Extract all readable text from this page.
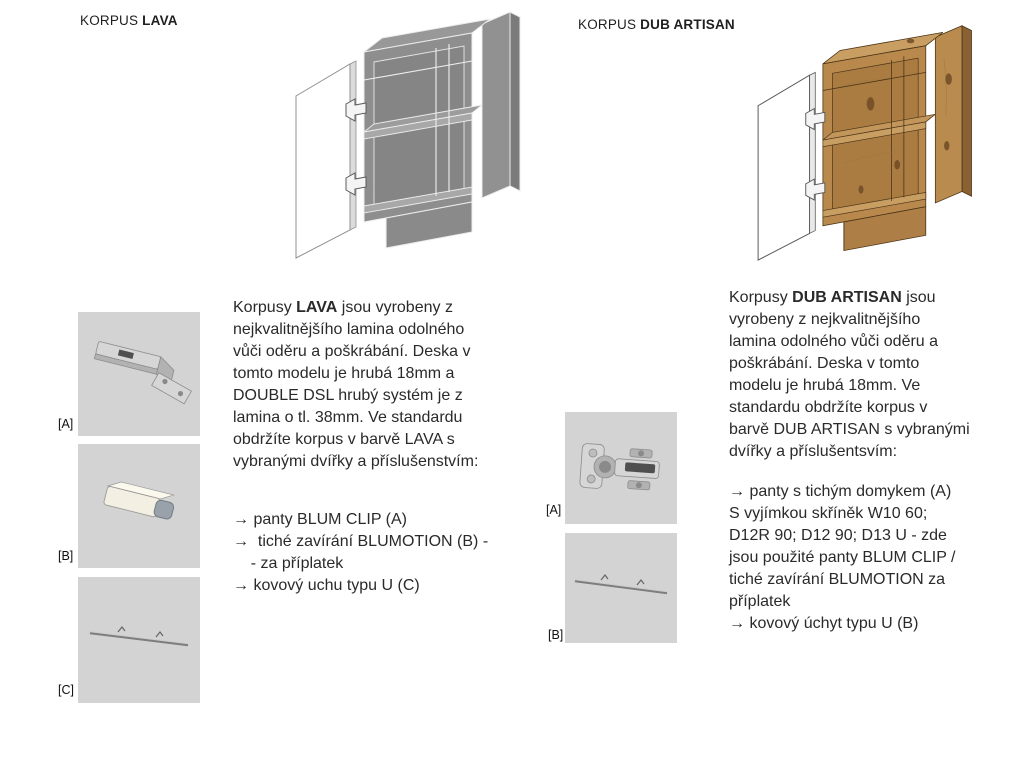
KORPUS LAVA
Korpusy LAVA jsou vyrobeny z
nejkvalitnějšího lamina odolného
vůči oděru a poškrábání. Deska v
tomto modelu je hrubá 18mm a
DOUBLE DSL hrubý systém je z
lamina o tl. 38mm. Ve standardu
obdržíte korpus v barvě LAVA s
vybranými dvířky a příslušenstvím:
→ panty BLUM CLIP (A)
→  tiché zavírání BLUMOTION (B) -
- za příplatek
→ kovový uchu typu U (C)
[A]
[B]
[C]
KORPUS DUB ARTISAN
Korpusy DUB ARTISAN jsou
vyrobeny z nejkvalitnějšího
lamina odolného vůči oděru a
poškrábání. Deska v tomto
modelu je hrubá 18mm. Ve
standardu obdržíte korpus v
barvě DUB ARTISAN s vybranými
dvířky a příslušentsvím:
→ panty s tichým domykem (A)
S vyjímkou skříněk W10 60;
D12R 90; D12 90; D13 U - zde
jsou použité panty BLUM CLIP /
tiché zavírání BLUMOTION za
příplatek
→ kovový úchyt typu U (B)
[A]
[B]
